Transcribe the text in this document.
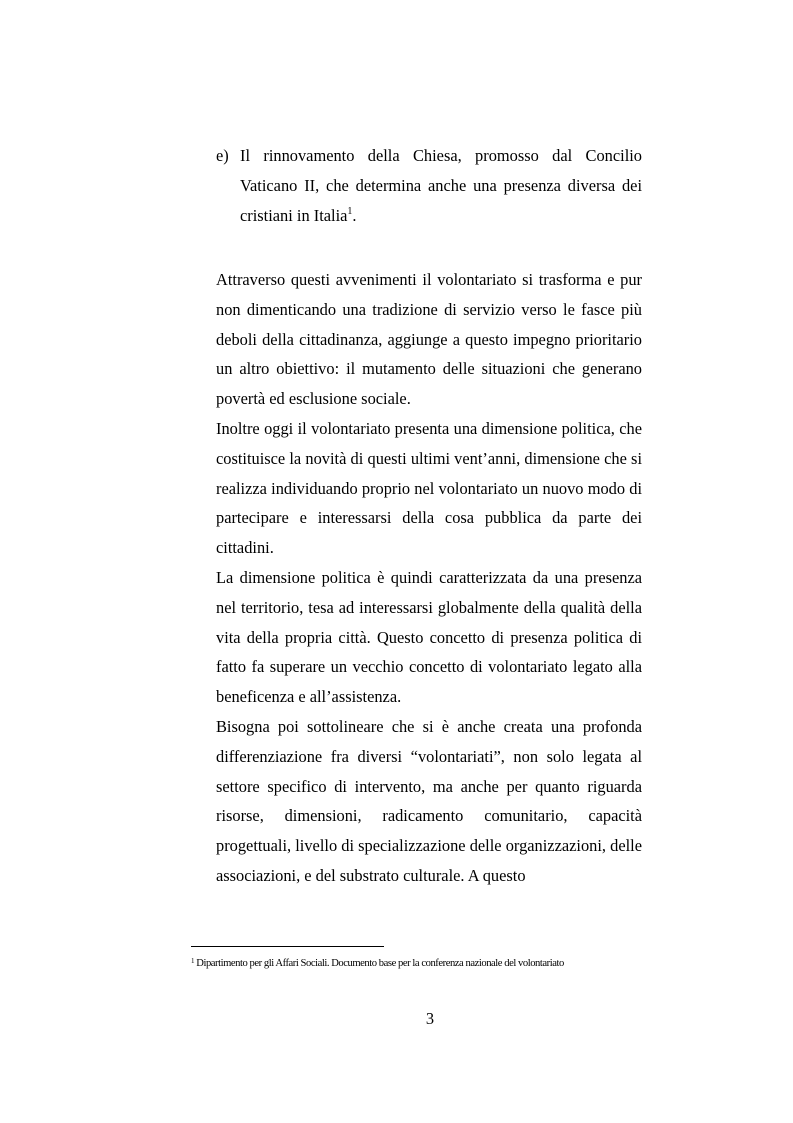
e) Il rinnovamento della Chiesa, promosso dal Concilio Vaticano II, che determina anche una presenza diversa dei cristiani in Italia$^1$.

Attraverso questi avvenimenti il volontariato si trasforma e pur non dimenticando una tradizione di servizio verso le fasce più deboli della cittadinanza, aggiunge a questo impegno prioritario un altro obiettivo: il mutamento delle situazioni che generano povertà ed esclusione sociale.

Inoltre oggi il volontariato presenta una dimensione politica, che costituisce la novità di questi ultimi vent’anni, dimensione che si realizza individuando proprio nel volontariato un nuovo modo di partecipare e interessarsi della cosa pubblica da parte dei cittadini.

La dimensione politica è quindi caratterizzata da una presenza nel territorio, tesa ad interessarsi globalmente della qualità della vita della propria città. Questo concetto di presenza politica di fatto fa superare un vecchio concetto di volontariato legato alla beneficenza e all’assistenza.

Bisogna poi sottolineare che si è anche creata una profonda differenziazione fra diversi “volontariati”, non solo legata al settore specifico di intervento, ma anche per quanto riguarda risorse, dimensioni, radicamento comunitario, capacità progettuali, livello di specializzazione delle organizzazioni, delle associazioni, e del substrato culturale. A questo

$^1$ Dipartimento per gli Affari Sociali. Documento base per la conferenza nazionale del volontariato
3
